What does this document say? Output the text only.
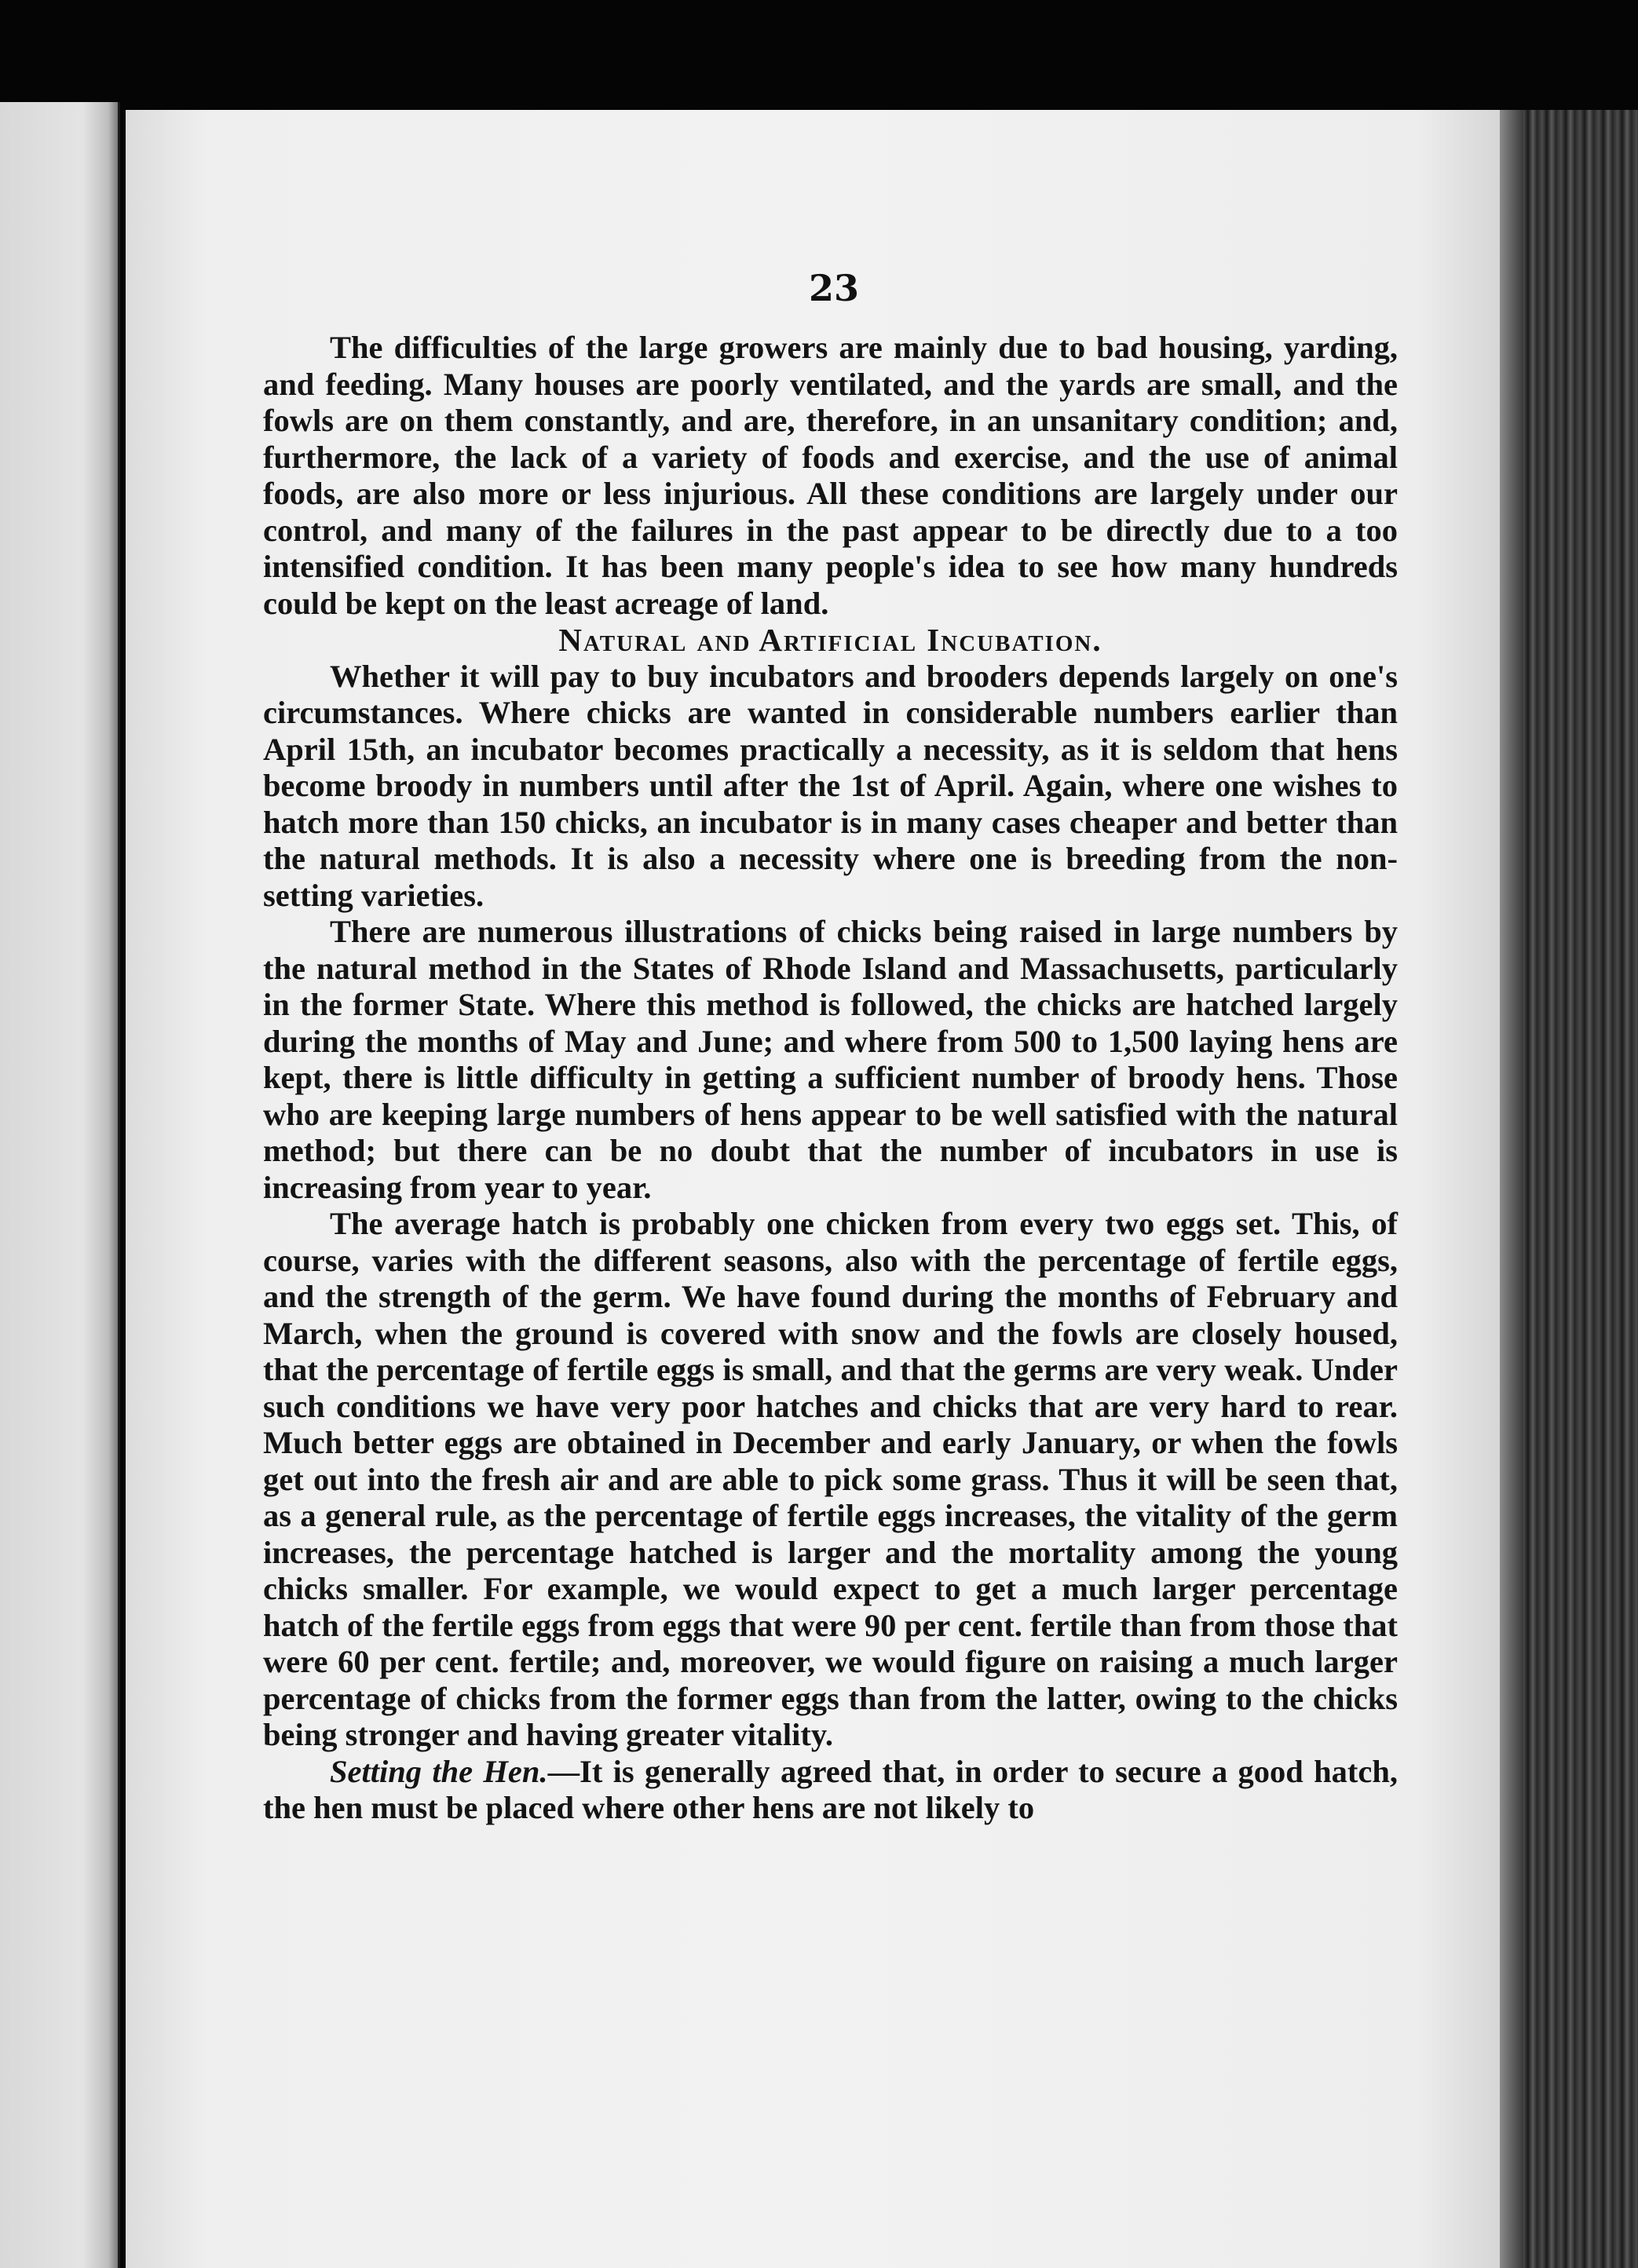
23

The difficulties of the large growers are mainly due to bad housing, yarding, and feeding. Many houses are poorly ventilated, and the yards are small, and the fowls are on them constantly, and are, therefore, in an unsanitary condition; and, furthermore, the lack of a variety of foods and exercise, and the use of animal foods, are also more or less injurious. All these conditions are largely under our control, and many of the failures in the past appear to be directly due to a too intensified condition. It has been many people's idea to see how many hundreds could be kept on the least acreage of land.

Natural and Artificial Incubation.

Whether it will pay to buy incubators and brooders depends largely on one's circumstances. Where chicks are wanted in considerable numbers earlier than April 15th, an incubator becomes practically a necessity, as it is seldom that hens become broody in numbers until after the 1st of April. Again, where one wishes to hatch more than 150 chicks, an incubator is in many cases cheaper and better than the natural methods. It is also a necessity where one is breeding from the non-setting varieties.

There are numerous illustrations of chicks being raised in large numbers by the natural method in the States of Rhode Island and Massachusetts, particularly in the former State. Where this method is followed, the chicks are hatched largely during the months of May and June; and where from 500 to 1,500 laying hens are kept, there is little difficulty in getting a sufficient number of broody hens. Those who are keeping large numbers of hens appear to be well satisfied with the natural method; but there can be no doubt that the number of incubators in use is increasing from year to year.

The average hatch is probably one chicken from every two eggs set. This, of course, varies with the different seasons, also with the percentage of fertile eggs, and the strength of the germ. We have found during the months of February and March, when the ground is covered with snow and the fowls are closely housed, that the percentage of fertile eggs is small, and that the germs are very weak. Under such conditions we have very poor hatches and chicks that are very hard to rear. Much better eggs are obtained in December and early January, or when the fowls get out into the fresh air and are able to pick some grass. Thus it will be seen that, as a general rule, as the percentage of fertile eggs increases, the vitality of the germ increases, the percentage hatched is larger and the mortality among the young chicks smaller. For example, we would expect to get a much larger percentage hatch of the fertile eggs from eggs that were 90 per cent. fertile than from those that were 60 per cent. fertile; and, moreover, we would figure on raising a much larger percentage of chicks from the former eggs than from the latter, owing to the chicks being stronger and having greater vitality.

Setting the Hen.—It is generally agreed that, in order to secure a good hatch, the hen must be placed where other hens are not likely to
